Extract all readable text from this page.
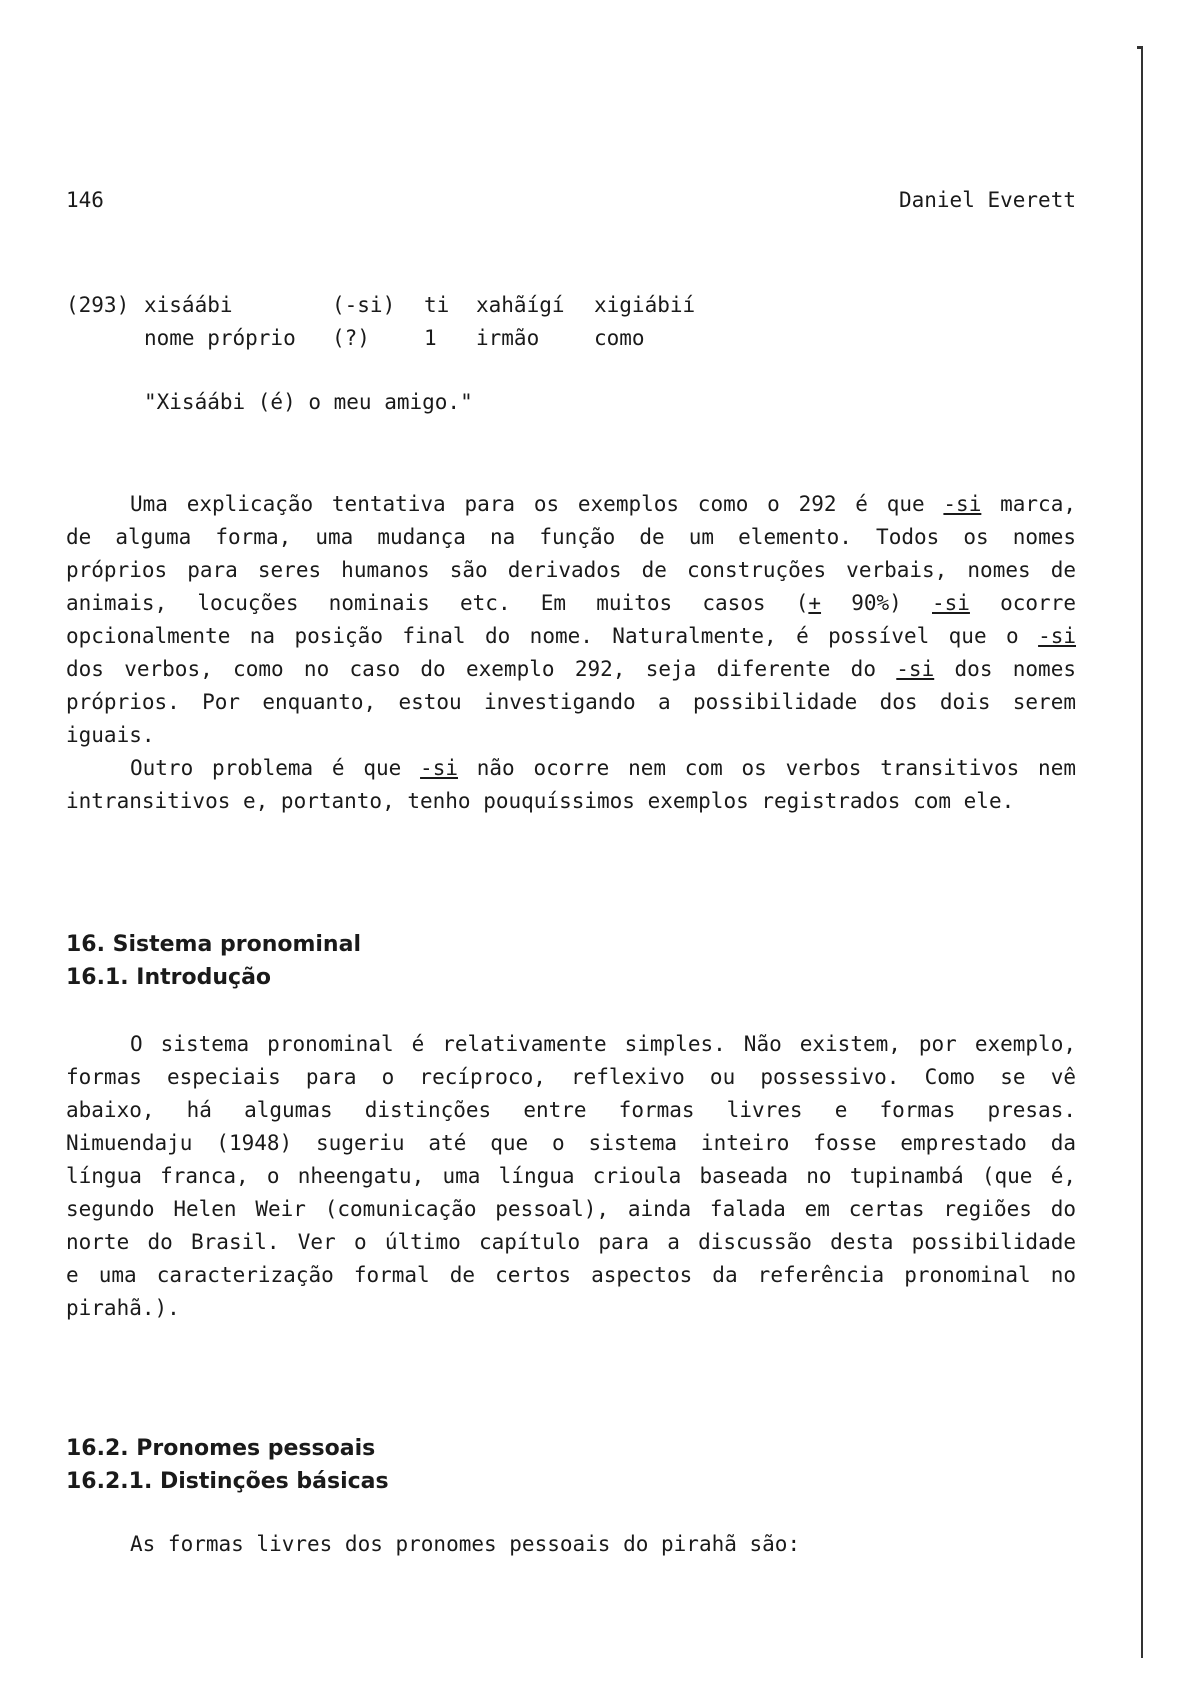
146	Daniel Everett
(293) xisáábi	(-si)	ti	xahãígí	xigiábií
nome próprio	(?)	1	irmão	como
"Xisáábi (é) o meu amigo."
Uma explicação tentativa para os exemplos como o 292 é que -si marca,
de alguma forma, uma mudança na função de um elemento. Todos os nomes
próprios para seres humanos são derivados de construções verbais, nomes de
animais, locuções nominais etc. Em muitos casos (+ 90%) -si ocorre
opcionalmente na posição final do nome. Naturalmente, é possível que o -si
dos verbos, como no caso do exemplo 292, seja diferente do -si dos nomes
próprios. Por enquanto, estou investigando a possibilidade dos dois serem
iguais.
Outro problema é que -si não ocorre nem com os verbos transitivos nem
intransitivos e, portanto, tenho pouquíssimos exemplos registrados com ele.
16. Sistema pronominal
16.1. Introdução
O sistema pronominal é relativamente simples. Não existem, por exemplo,
formas especiais para o recíproco, reflexivo ou possessivo. Como se vê
abaixo, há algumas distinções entre formas livres e formas presas.
Nimuendaju (1948) sugeriu até que o sistema inteiro fosse emprestado da
língua franca, o nheengatu, uma língua crioula baseada no tupinambá (que é,
segundo Helen Weir (comunicação pessoal), ainda falada em certas regiões do
norte do Brasil. Ver o último capítulo para a discussão desta possibilidade
e uma caracterização formal de certos aspectos da referência pronominal no
pirahã.).
16.2. Pronomes pessoais
16.2.1. Distinções básicas
As formas livres dos pronomes pessoais do pirahã são:
